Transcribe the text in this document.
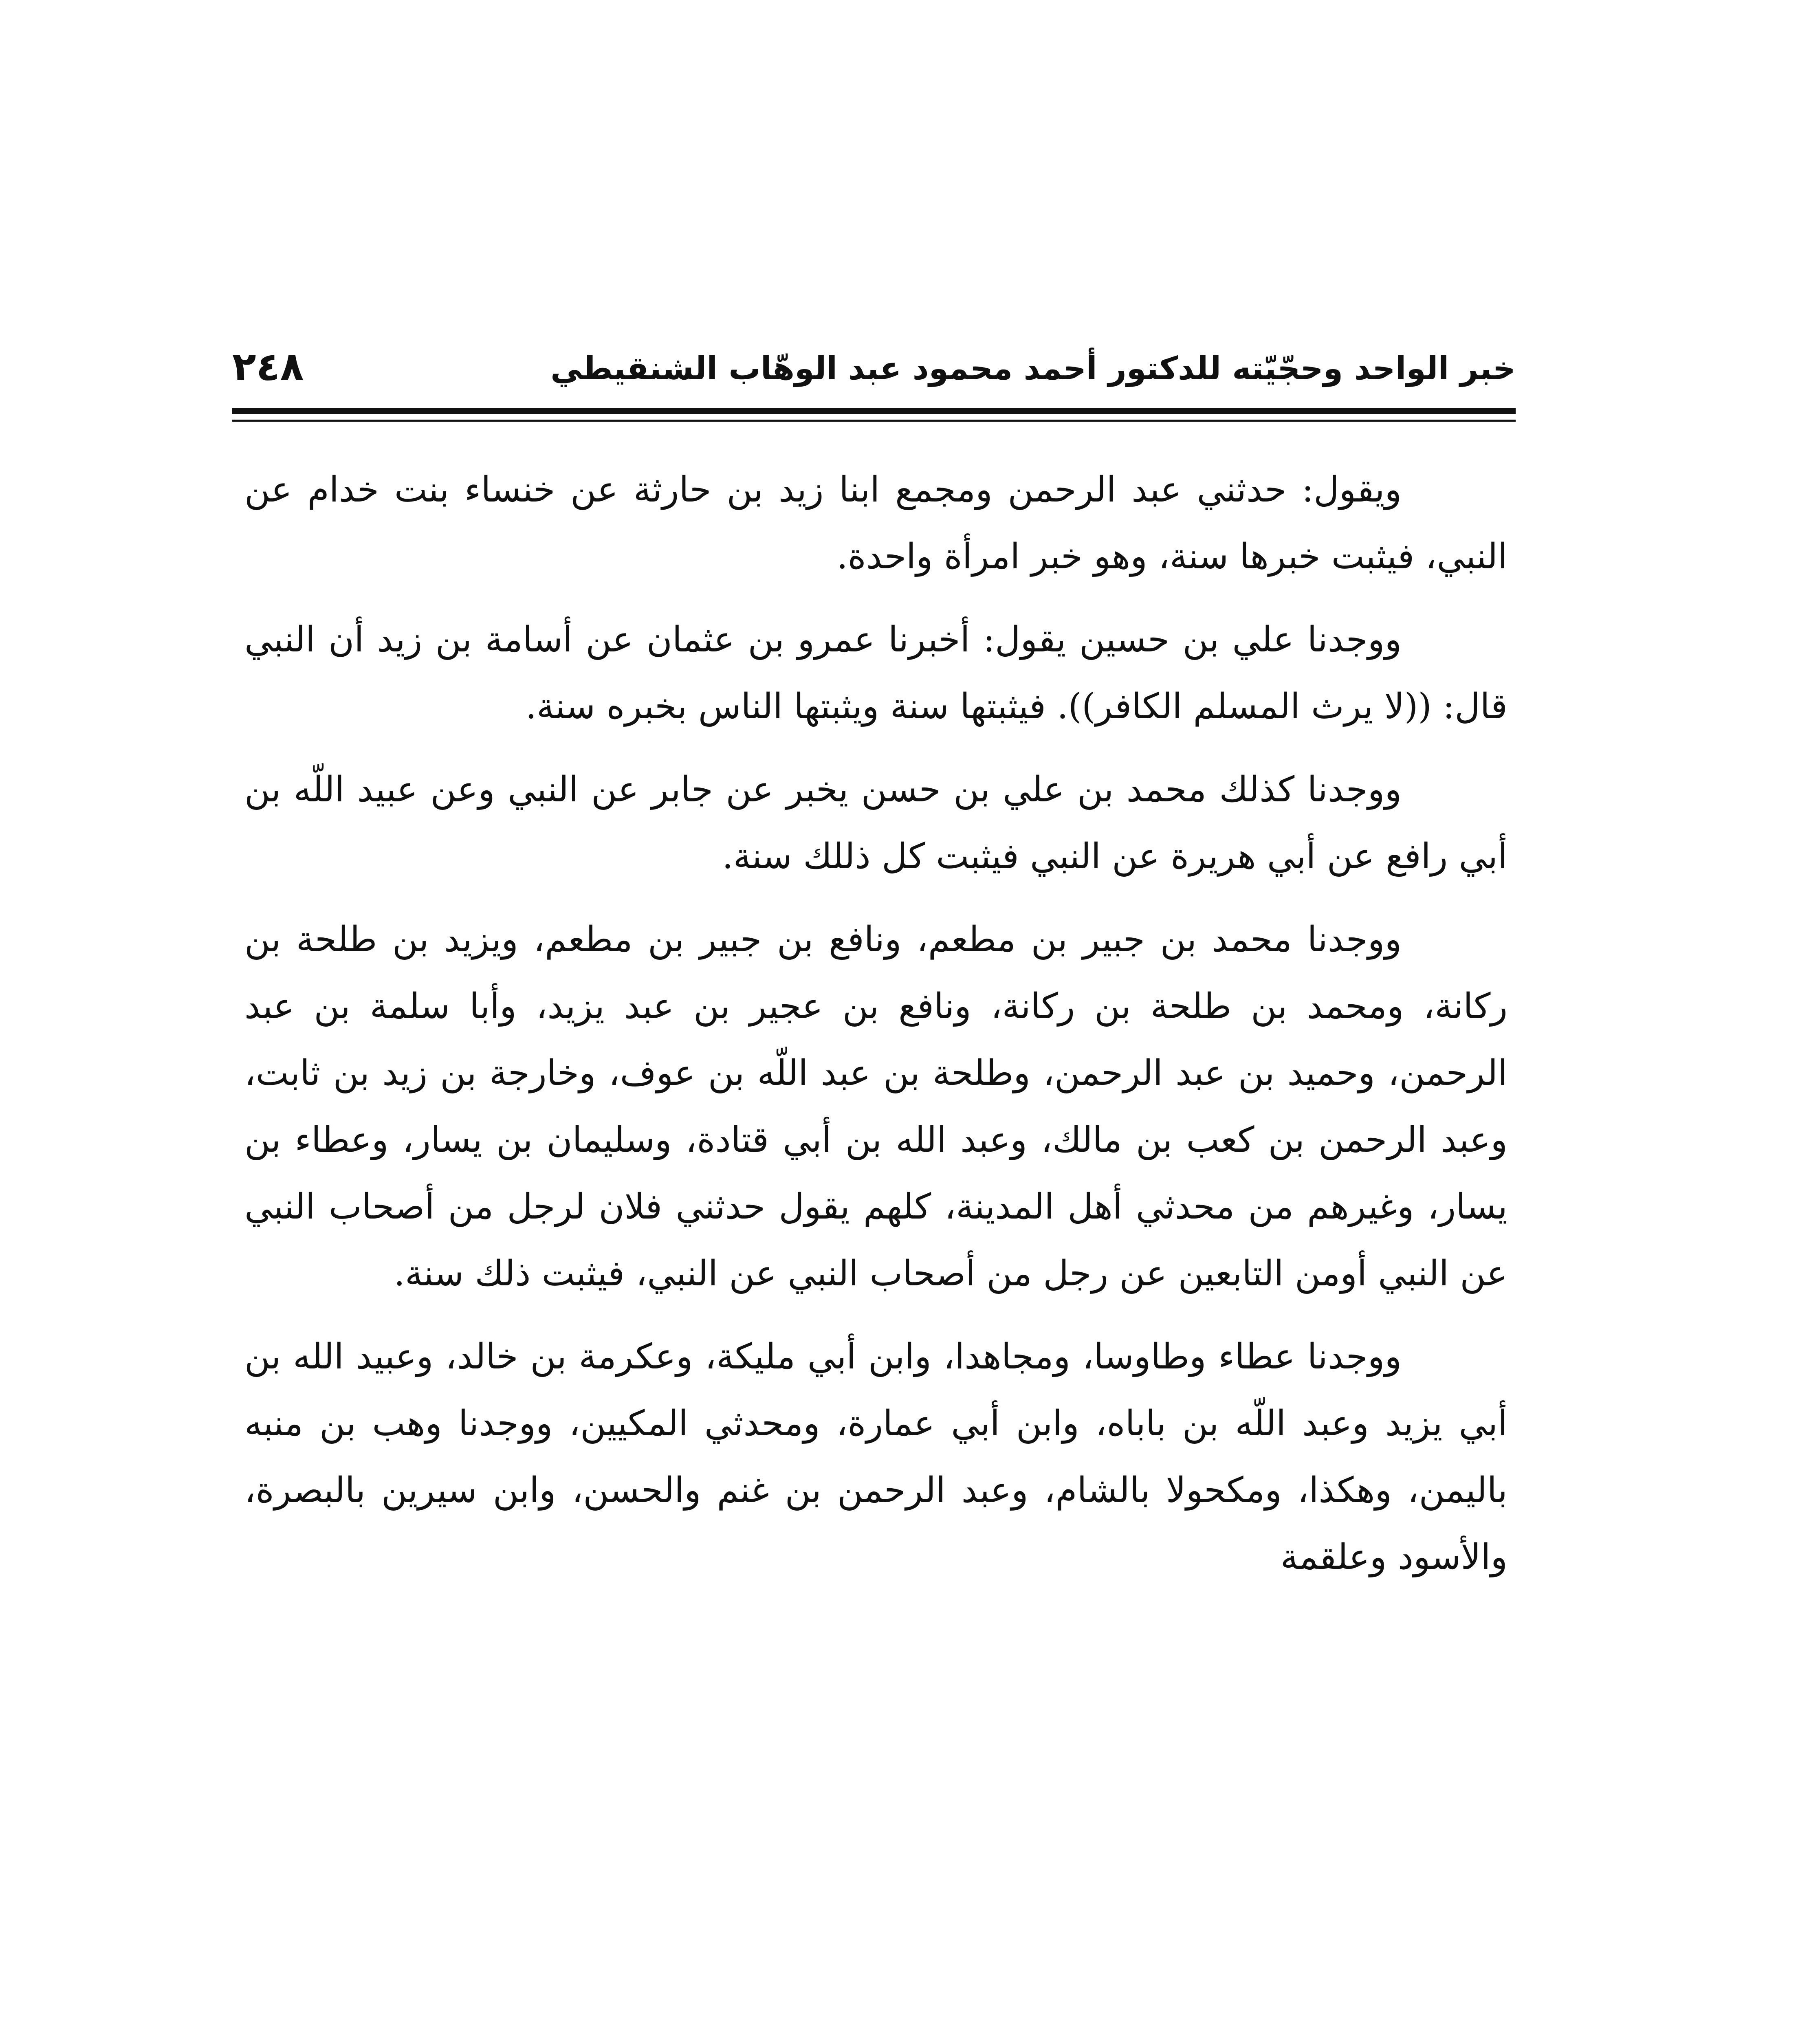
خبر الواحد وحجّيّته للدكتور أحمد محمود عبد الوهّاب الشنقيطي
٢٤٨

ويقول: حدثني عبد الرحمن ومجمع ابنا زيد بن حارثة عن خنساء بنت خدام عن النبي، فيثبت خبرها سنة، وهو خبر امرأة واحدة.

ووجدنا علي بن حسين يقول: أخبرنا عمرو بن عثمان عن أسامة بن زيد أن النبي قال: ((لا يرث المسلم الكافر)). فيثبتها سنة ويثبتها الناس بخبره سنة.

ووجدنا كذلك محمد بن علي بن حسن يخبر عن جابر عن النبي وعن عبيد اللّه بن أبي رافع عن أبي هريرة عن النبي فيثبت كل ذللك سنة.

ووجدنا محمد بن جبير بن مطعم، ونافع بن جبير بن مطعم، ويزيد بن طلحة بن ركانة، ومحمد بن طلحة بن ركانة، ونافع بن عجير بن عبد يزيد، وأبا سلمة بن عبد الرحمن، وحميد بن عبد الرحمن، وطلحة بن عبد اللّه بن عوف، وخارجة بن زيد بن ثابت، وعبد الرحمن بن كعب بن مالك، وعبد الله بن أبي قتادة، وسليمان بن يسار، وعطاء بن يسار، وغيرهم من محدثي أهل المدينة، كلهم يقول حدثني فلان لرجل من أصحاب النبي عن النبي أومن التابعين عن رجل من أصحاب النبي عن النبي، فيثبت ذلك سنة.

ووجدنا عطاء وطاوسا، ومجاهدا، وابن أبي مليكة، وعكرمة بن خالد، وعبيد الله بن أبي يزيد وعبد اللّه بن باباه، وابن أبي عمارة، ومحدثي المكيين، ووجدنا وهب بن منبه باليمن، وهكذا، ومكحولا بالشام، وعبد الرحمن بن غنم والحسن، وابن سيرين بالبصرة، والأسود وعلقمة
